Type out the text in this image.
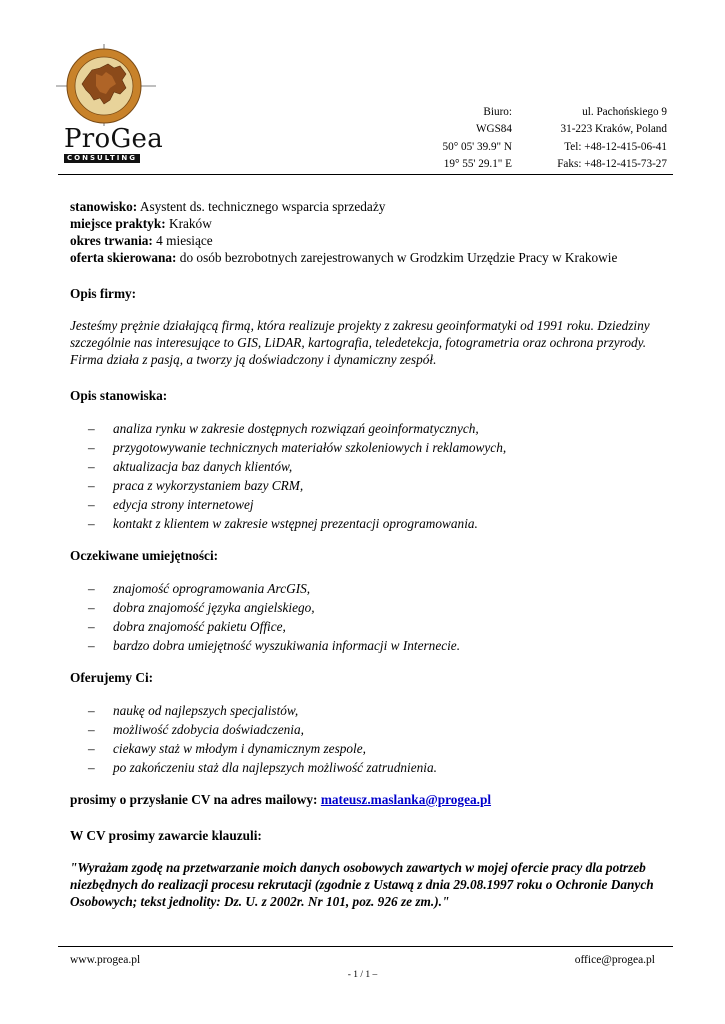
ProGea
CONSULTING
Biuro:
WGS84
50° 05' 39.9" N
19° 55' 29.1" E
ul. Pachońskiego 9
31-223 Kraków, Poland
Tel: +48-12-415-06-41
Faks: +48-12-415-73-27
stanowisko: Asystent ds. technicznego wsparcia sprzedaży
miejsce praktyk: Kraków
okres trwania: 4 miesiące
oferta skierowana: do osób bezrobotnych zarejestrowanych w Grodzkim Urzędzie Pracy w Krakowie
Opis firmy:
Jesteśmy prężnie działającą firmą, która realizuje projekty z zakresu geoinformatyki od 1991 roku. Dziedziny szczególnie nas interesujące to GIS, LiDAR, kartografia, teledetekcja, fotogrametria oraz ochrona przyrody. Firma działa z pasją, a tworzy ją doświadczony i dynamiczny zespół.
Opis stanowiska:
– analiza rynku w zakresie dostępnych rozwiązań geoinformatycznych,
– przygotowywanie technicznych materiałów szkoleniowych i reklamowych,
– aktualizacja baz danych klientów,
– praca z wykorzystaniem bazy CRM,
– edycja strony internetowej
– kontakt z klientem w zakresie wstępnej prezentacji oprogramowania.
Oczekiwane umiejętności:
– znajomość oprogramowania ArcGIS,
– dobra znajomość języka angielskiego,
– dobra znajomość pakietu Office,
– bardzo dobra umiejętność wyszukiwania informacji w Internecie.
Oferujemy Ci:
– naukę od najlepszych specjalistów,
– możliwość zdobycia doświadczenia,
– ciekawy staż w młodym i dynamicznym zespole,
– po zakończeniu staż dla najlepszych możliwość zatrudnienia.
prosimy o przysłanie CV na adres mailowy: mateusz.maslanka@progea.pl
W CV prosimy zawarcie klauzuli:
"Wyrażam zgodę na przetwarzanie moich danych osobowych zawartych w mojej ofercie pracy dla potrzeb niezbędnych do realizacji procesu rekrutacji (zgodnie z Ustawą z dnia 29.08.1997 roku o Ochronie Danych Osobowych; tekst jednolity: Dz. U. z 2002r. Nr 101, poz. 926 ze zm.)."
www.progea.pl	office@progea.pl
- 1 / 1 –
